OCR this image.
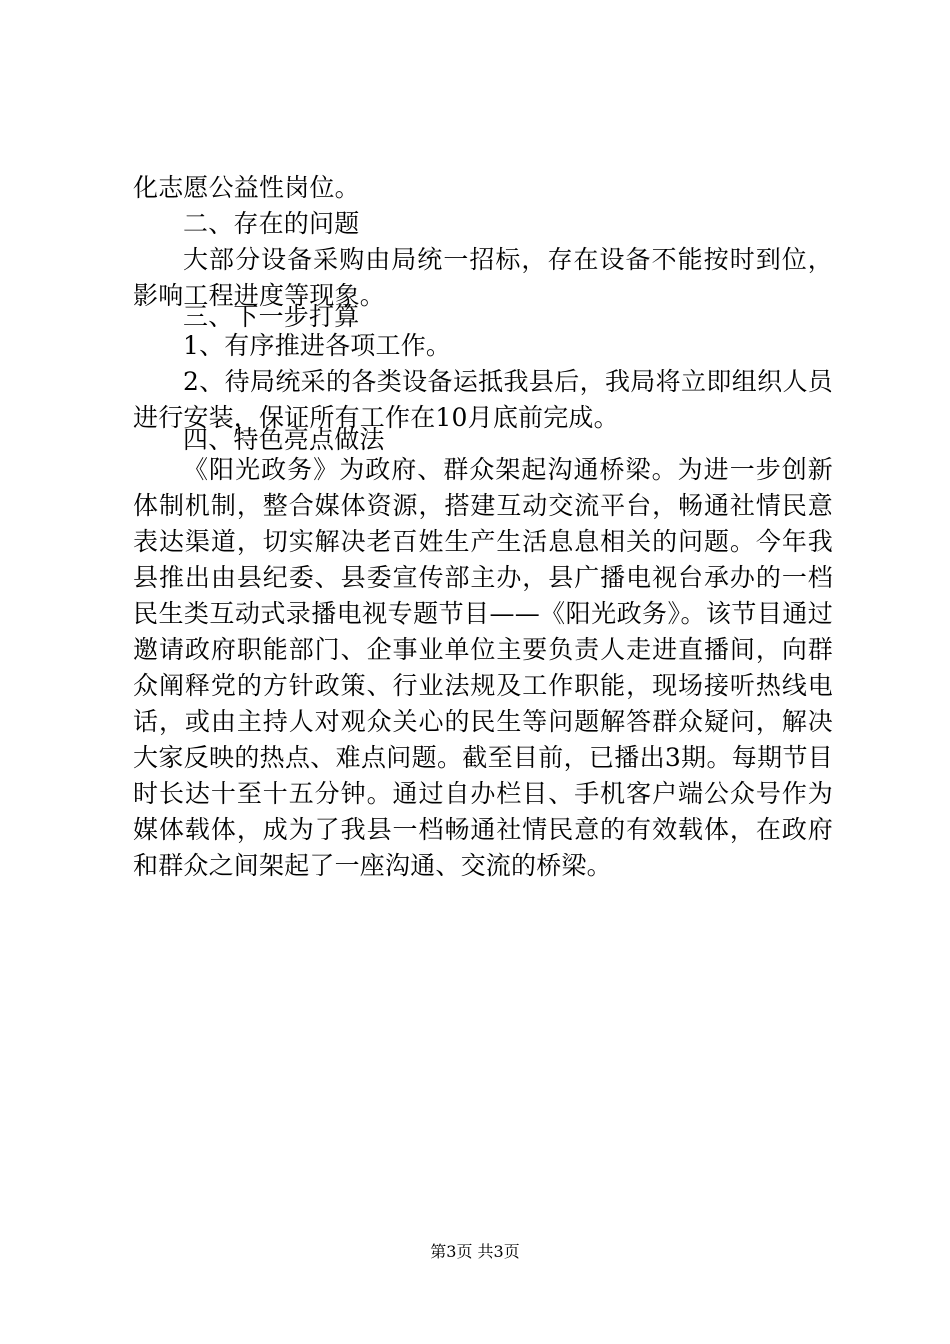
化志愿公益性岗位。

二、存在的问题

大部分设备采购由局统一招标，存在设备不能按时到位，影响工程进度等现象。

三、下一步打算

1、有序推进各项工作。

2、待局统采的各类设备运抵我县后，我局将立即组织人员进行安装，保证所有工作在10月底前完成。

四、特色亮点做法

《阳光政务》为政府、群众架起沟通桥梁。为进一步创新体制机制，整合媒体资源，搭建互动交流平台，畅通社情民意表达渠道，切实解决老百姓生产生活息息相关的问题。今年我县推出由县纪委、县委宣传部主办，县广播电视台承办的一档民生类互动式录播电视专题节目——《阳光政务》。该节目通过邀请政府职能部门、企事业单位主要负责人走进直播间，向群众阐释党的方针政策、行业法规及工作职能，现场接听热线电话，或由主持人对观众关心的民生等问题解答群众疑问，解决大家反映的热点、难点问题。截至目前，已播出3期。每期节目时长达十至十五分钟。通过自办栏目、手机客户端公众号作为媒体载体，成为了我县一档畅通社情民意的有效载体，在政府和群众之间架起了一座沟通、交流的桥梁。

第3页 共3页
